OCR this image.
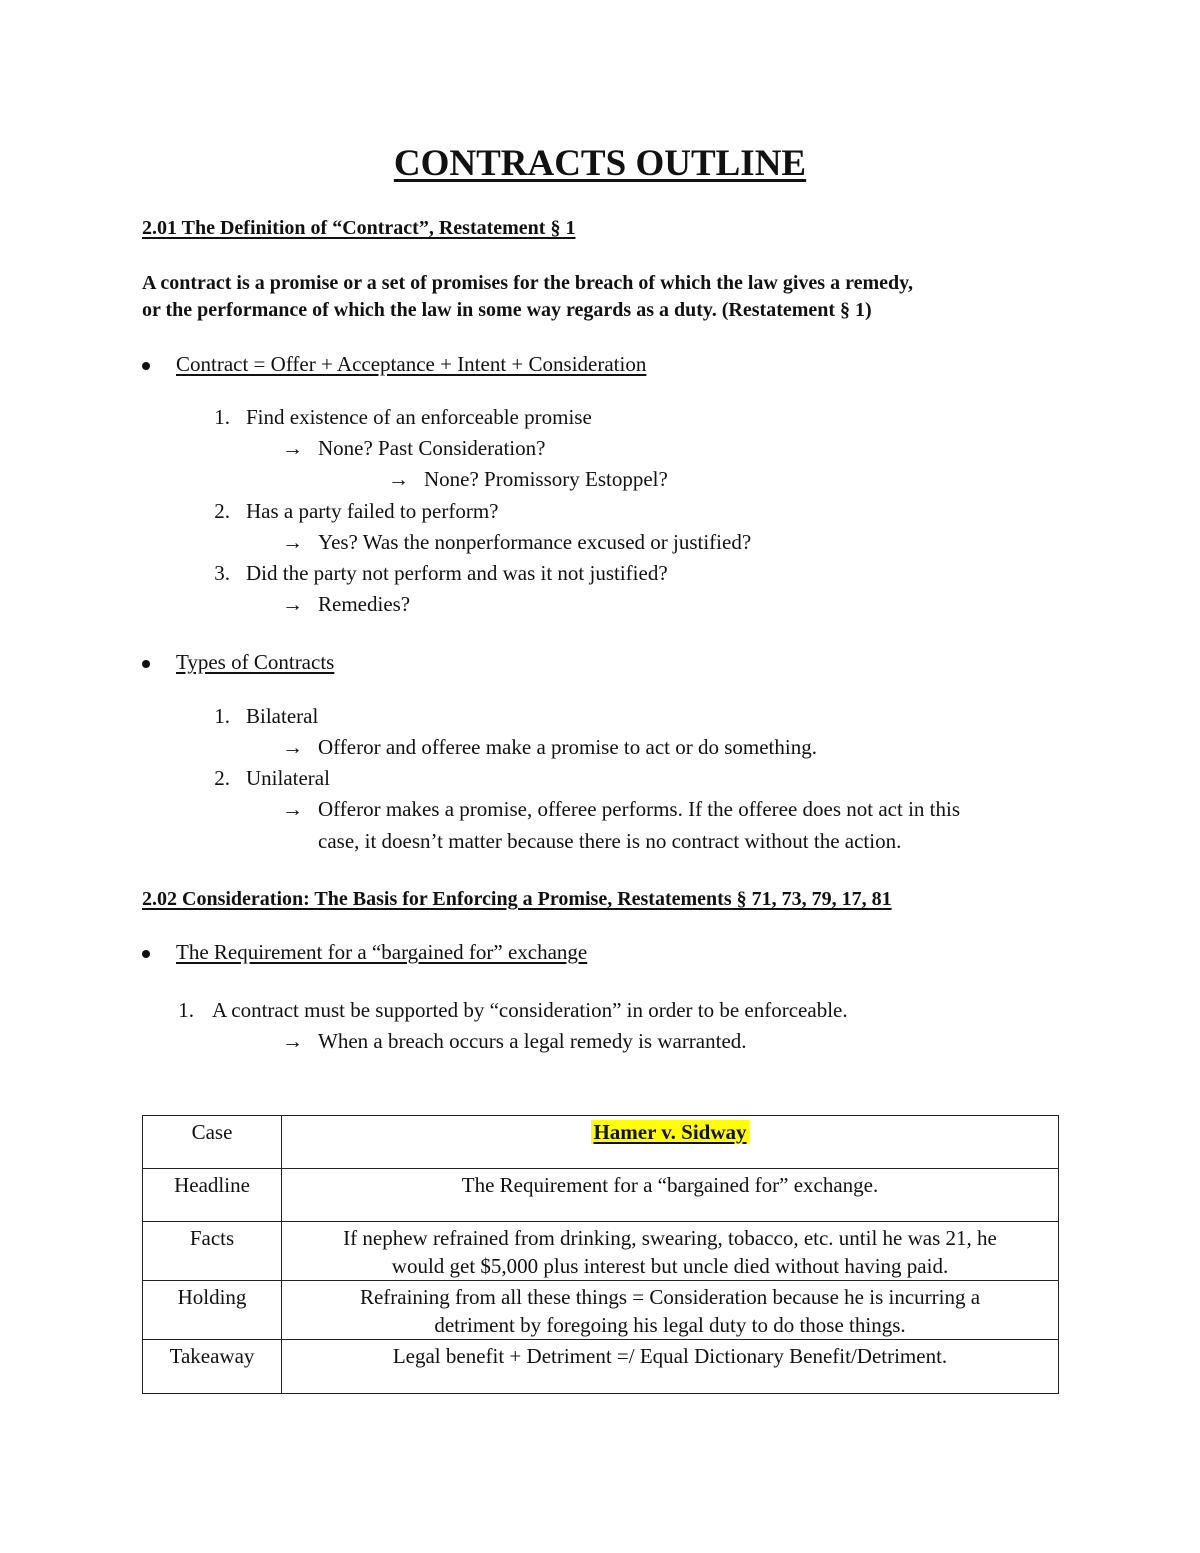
CONTRACTS OUTLINE
2.01 The Definition of “Contract”, Restatement § 1
A contract is a promise or a set of promises for the breach of which the law gives a remedy,
or the performance of which the law in some way regards as a duty. (Restatement § 1)
Contract = Offer + Acceptance + Intent + Consideration
1. Find existence of an enforceable promise
→ None? Past Consideration?
→ None? Promissory Estoppel?
2. Has a party failed to perform?
→ Yes? Was the nonperformance excused or justified?
3. Did the party not perform and was it not justified?
→ Remedies?
Types of Contracts
1. Bilateral
→ Offeror and offeree make a promise to act or do something.
2. Unilateral
→ Offeror makes a promise, offeree performs. If the offeree does not act in this
case, it doesn’t matter because there is no contract without the action.
2.02 Consideration: The Basis for Enforcing a Promise, Restatements § 71, 73, 79, 17, 81
The Requirement for a “bargained for” exchange
1. A contract must be supported by “consideration” in order to be enforceable.
→ When a breach occurs a legal remedy is warranted.
Case	Hamer v. Sidway
Headline	The Requirement for a “bargained for” exchange.
Facts	If nephew refrained from drinking, swearing, tobacco, etc. until he was 21, he
would get $5,000 plus interest but uncle died without having paid.

Holding	Refraining from all these things = Consideration because he is incurring a
detriment by foregoing his legal duty to do those things.

Takeaway	Legal benefit + Detriment =/ Equal Dictionary Benefit/Detriment.
